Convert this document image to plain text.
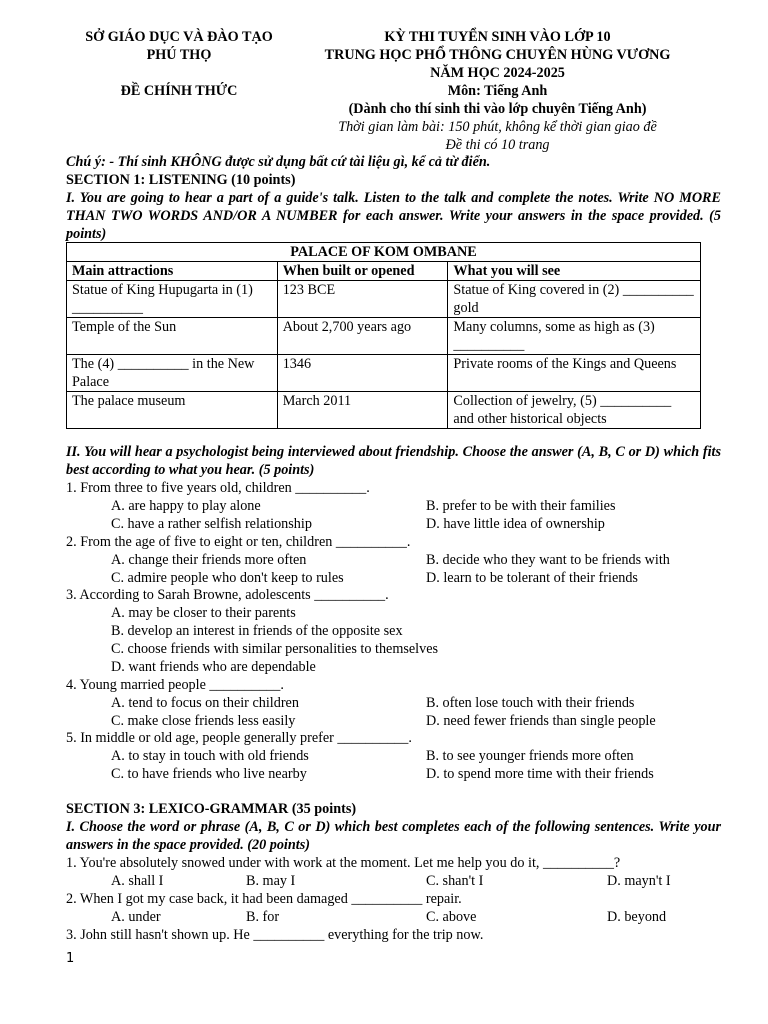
SỞ GIÁO DỤC VÀ ĐÀO TẠO
PHÚ THỌ
ĐỀ CHÍNH THỨC
KỲ THI TUYỂN SINH VÀO LỚP 10
TRUNG HỌC PHỔ THÔNG CHUYÊN HÙNG VƯƠNG
NĂM HỌC 2024-2025
Môn: Tiếng Anh
(Dành cho thí sinh thi vào lớp chuyên Tiếng Anh)
Thời gian làm bài: 150 phút, không kể thời gian giao đề
Đề thi có 10 trang
Chú ý: - Thí sinh KHÔNG được sử dụng bất cứ tài liệu gì, kể cả từ điển.
SECTION 1: LISTENING (10 points)
I. You are going to hear a part of a guide's talk. Listen to the talk and complete the notes. Write NO MORE THAN TWO WORDS AND/OR A NUMBER for each answer. Write your answers in the space provided. (5 points)
PALACE OF KOM OMBANE		
Main attractions	When built or opened	What you will see
Statue of King Hupugarta in (1) __________	123 BCE	Statue of King covered in (2) __________ gold
Temple of the Sun	About 2,700 years ago	Many columns, some as high as (3) __________
The (4) __________ in the New Palace	1346	Private rooms of the Kings and Queens
The palace museum	March 2011	Collection of jewelry, (5) __________ and other historical objects
II. You will hear a psychologist being interviewed about friendship. Choose the answer (A, B, C or D) which fits best according to what you hear. (5 points)
1. From three to five years old, children __________.
A. are happy to play alone	B. prefer to be with their families
C. have a rather selfish relationship	D. have little idea of ownership
2. From the age of five to eight or ten, children __________.
A. change their friends more often	B. decide who they want to be friends with
C. admire people who don't keep to rules	D. learn to be tolerant of their friends
3. According to Sarah Browne, adolescents __________.
A. may be closer to their parents
B. develop an interest in friends of the opposite sex
C. choose friends with similar personalities to themselves
D. want friends who are dependable
4. Young married people __________.
A. tend to focus on their children	B. often lose touch with their friends
C. make close friends less easily	D. need fewer friends than single people
5. In middle or old age, people generally prefer __________.
A. to stay in touch with old friends	B. to see younger friends more often
C. to have friends who live nearby	D. to spend more time with their friends
SECTION 3: LEXICO-GRAMMAR (35 points)
I. Choose the word or phrase (A, B, C or D) which best completes each of the following sentences. Write your answers in the space provided. (20 points)
1. You're absolutely snowed under with work at the moment. Let me help you do it, __________?
A. shall I	B. may I	C. shan't I	D. mayn't I
2. When I got my case back, it had been damaged __________ repair.
A. under	B. for	C. above	D. beyond
3. John still hasn't shown up. He __________ everything for the trip now.
1
